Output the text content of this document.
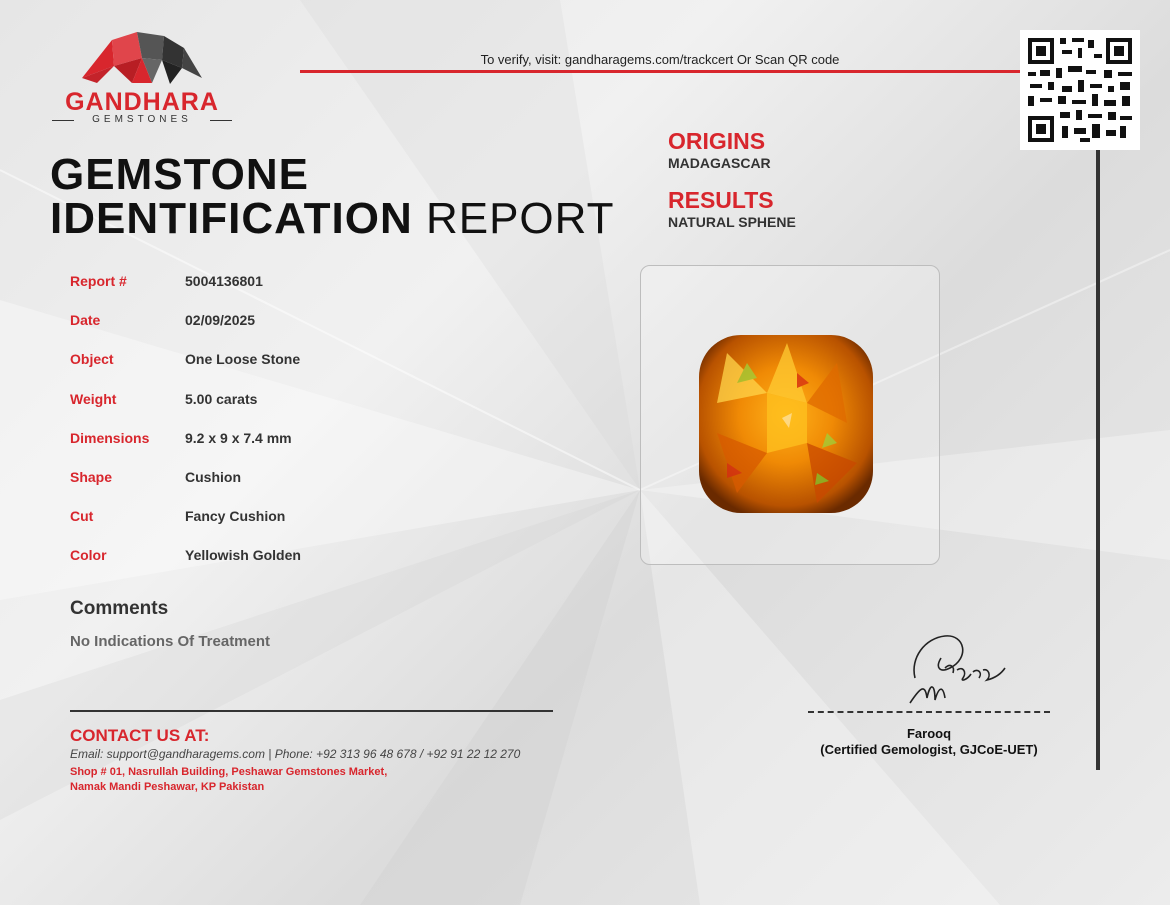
GANDHARA
GEMSTONES
To verify, visit: gandharagems.com/trackcert Or Scan QR code
GEMSTONE
IDENTIFICATION REPORT
ORIGINS
MADAGASCAR
RESULTS
NATURAL SPHENE
Report #	5004136801
Date	02/09/2025
Object	One Loose Stone
Weight	5.00 carats
Dimensions	9.2 x 9 x 7.4 mm
Shape	Cushion
Cut	Fancy Cushion
Color	Yellowish Golden
Comments
No Indications Of Treatment
CONTACT US AT:
Email: support@gandharagems.com | Phone: +92 313 96 48 678 / +92 91 22 12 270
Shop # 01, Nasrullah Building, Peshawar Gemstones Market,
Namak Mandi Peshawar, KP Pakistan
Farooq
(Certified Gemologist, GJCoE-UET)
